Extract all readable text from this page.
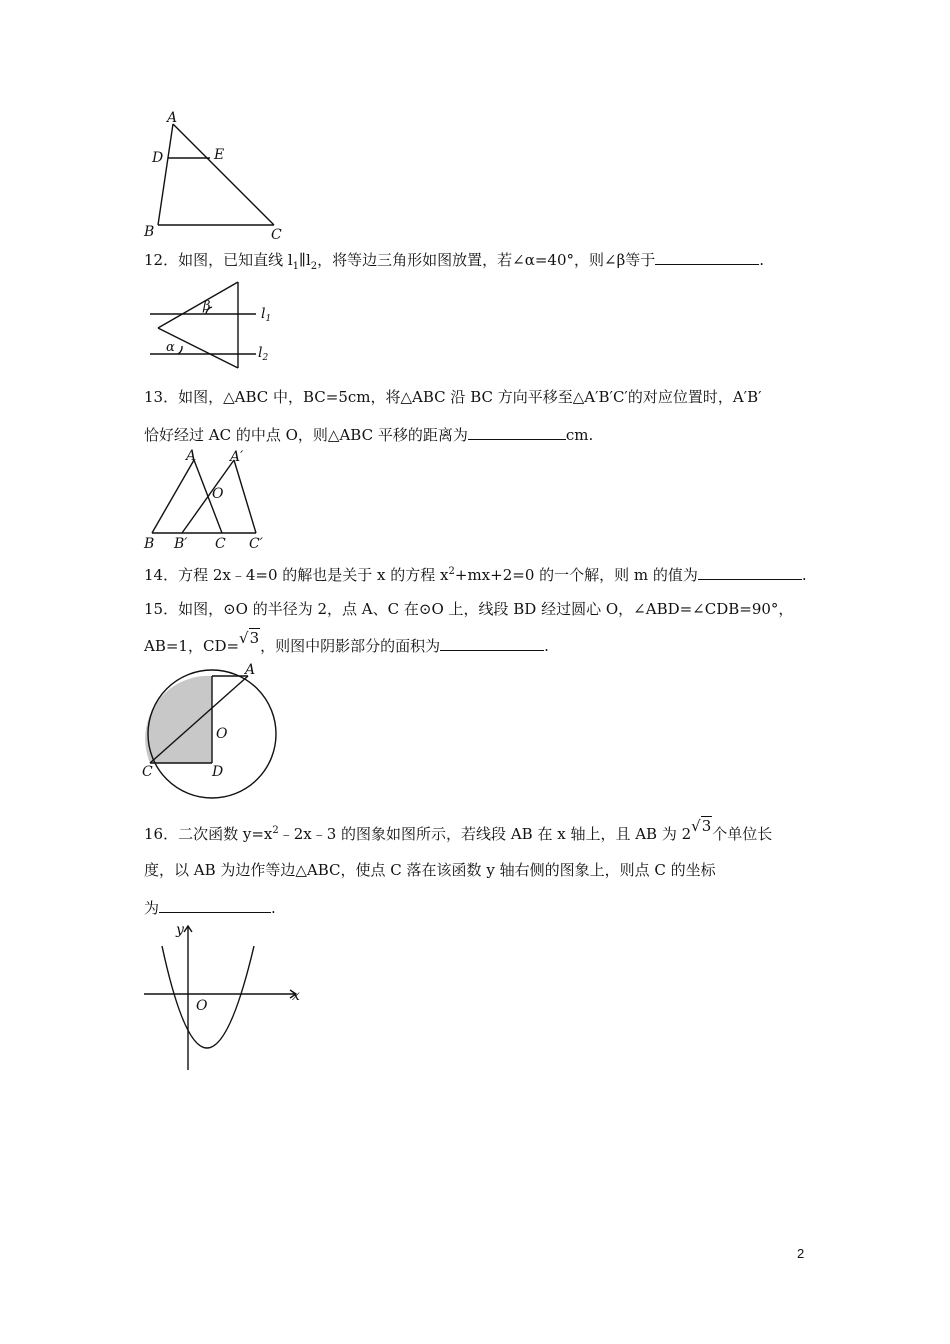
A
D	E
B	C
12．如图，已知直线 $l_1\parallel l_2$，将等边三角形如图放置，若∠α=40°，则∠β等于	.
β
α
$l_1$
$l_2$
13．如图，△ABC 中，BC=5cm，将△ABC 沿 BC 方向平移至△A′B′C′的对应位置时，A′B′
恰好经过 AC 的中点 O，则△ABC 平移的距离为	cm.
A A′
O
B B′ C C′
14．方程 2x﹣4=0 的解也是关于 x 的方程 $x^2+mx+2=0$ 的一个解，则 m 的值为	.
15．如图，⊙O 的半径为 2，点 A、C 在⊙O 上，线段 BD 经过圆心 O，∠ABD=∠CDB=90°，
AB=1，CD=√3，则图中阴影部分的面积为	.
A
O
C	D
16．二次函数 $y=x^2﹣2x﹣3$ 的图象如图所示，若线段 AB 在 x 轴上，且 AB 为 2√3个单位长
度，以 AB 为边作等边△ABC，使点 C 落在该函数 y 轴右侧的图象上，则点 C 的坐标
为	.
y
x
O
2
